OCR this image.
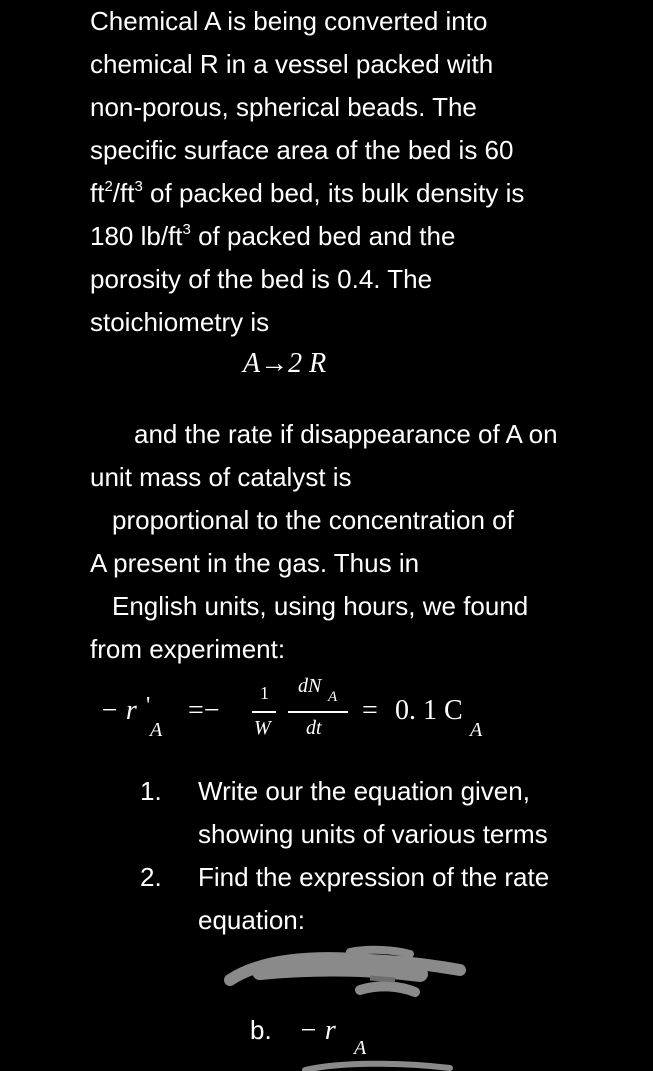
Chemical A is being converted into
chemical R in a vessel packed with
non-porous, spherical beads. The
specific surface area of the bed is 60
$ft^2/ft^3$ of packed bed, its bulk density is
180 $lb/ft^3$ of packed bed and the
porosity of the bed is 0.4. The
stoichiometry is

A→2 R

and the rate if disappearance of A on
unit mass of catalyst is
proportional to the concentration of
A present in the gas. Thus in
English units, using hours, we found
from experiment:

− r '
A
=−
1
W
dN A
dt
= 0. 1 C
A
1. Write our the equation given,
showing units of various terms
2. Find the expression of the rate
equation:
b. − r
A
